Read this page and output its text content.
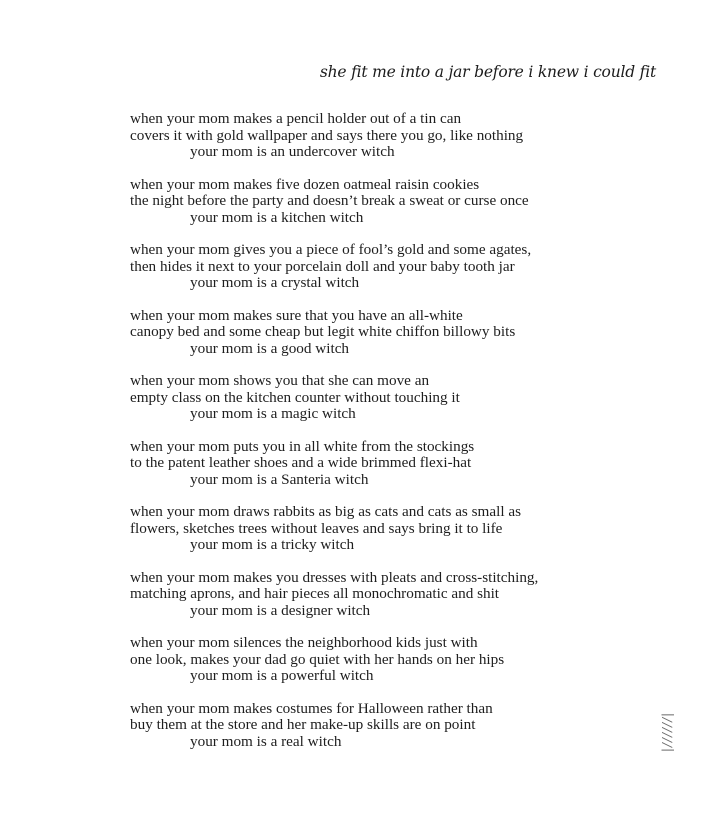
she fit me into a jar before i knew i could fit
when your mom makes a pencil holder out of a tin can
covers it with gold wallpaper and says there you go, like nothing
your mom is an undercover witch
when your mom makes five dozen oatmeal raisin cookies
the night before the party and doesn’t break a sweat or curse once
your mom is a kitchen witch
when your mom gives you a piece of fool’s gold and some agates,
then hides it next to your porcelain doll and your baby tooth jar
your mom is a crystal witch
when your mom makes sure that you have an all-white
canopy bed and some cheap but legit white chiffon billowy bits
your mom is a good witch
when your mom shows you that she can move an
empty class on the kitchen counter without touching it
your mom is a magic witch
when your mom puts you in all white from the stockings
to the patent leather shoes and a wide brimmed flexi-hat
your mom is a Santeria witch
when your mom draws rabbits as big as cats and cats as small as
flowers, sketches trees without leaves and says bring it to life
your mom is a tricky witch
when your mom makes you dresses with pleats and cross-stitching,
matching aprons, and hair pieces all monochromatic and shit
your mom is a designer witch
when your mom silences the neighborhood kids just with
one look, makes your dad go quiet with her hands on her hips
your mom is a powerful witch
when your mom makes costumes for Halloween rather than
buy them at the store and her make-up skills are on point
your mom is a real witch	|//////|
